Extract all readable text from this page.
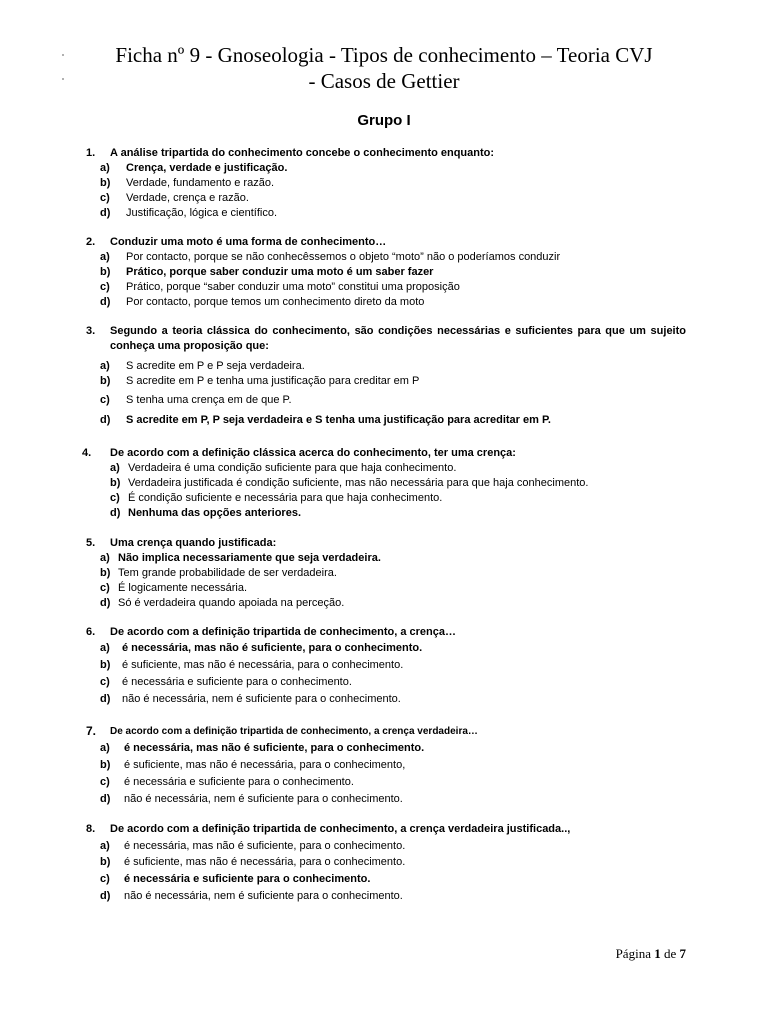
Ficha nº 9 - Gnoseologia - Tipos de conhecimento – Teoria CVJ
- Casos de Gettier
Grupo I
1.	A análise tripartida do conhecimento concebe o conhecimento enquanto:
a)	Crença, verdade e justificação.
b)	Verdade, fundamento e razão.
c)	Verdade, crença e razão.
d)	Justificação, lógica e científico.
2.	Conduzir uma moto é uma forma de conhecimento…
a)	Por contacto, porque se não conhecêssemos o objeto “moto” não o poderíamos conduzir
b)	Prático, porque saber conduzir uma moto é um saber fazer
c)	Prático, porque “saber conduzir uma moto” constitui uma proposição
d)	Por contacto, porque temos um conhecimento direto da moto
3.	Segundo a teoria clássica do conhecimento, são condições necessárias e suficientes para que um sujeito conheça uma proposição que:
a)	S acredite em P e P seja verdadeira.
b)	S acredite em P e tenha uma justificação para creditar em P
c)	S tenha uma crença em de que P.
d)	S acredite em P, P seja verdadeira e S tenha uma justificação para acreditar em P.
4.	De acordo com a definição clássica acerca do conhecimento, ter uma crença:
a) Verdadeira é uma condição suficiente para que haja conhecimento.
b) Verdadeira justificada é condição suficiente, mas não necessária para que haja conhecimento.
c) É condição suficiente e necessária para que haja conhecimento.
d) Nenhuma das opções anteriores.
5.	Uma crença quando justificada:
a) Não implica necessariamente que seja verdadeira.
b) Tem grande probabilidade de ser verdadeira.
c) É logicamente necessária.
d) Só é verdadeira quando apoiada na perceção.
6.	De acordo com a definição tripartida de conhecimento, a crença…
a)	é necessária, mas não é suficiente, para o conhecimento.
b)	é suficiente, mas não é necessária, para o conhecimento.
c)	é necessária e suficiente para o conhecimento.
d)	não é necessária, nem é suficiente para o conhecimento.
7.	De acordo com a definição tripartida de conhecimento, a crença verdadeira…
a)	é necessária, mas não é suficiente, para o conhecimento.
b)	é suficiente, mas não é necessária, para o conhecimento,
c)	é necessária e suficiente para o conhecimento.
d)	não é necessária, nem é suficiente para o conhecimento.
8.	De acordo com a definição tripartida de conhecimento, a crença verdadeira justificada..,
a)	é necessária, mas não é suficiente, para o conhecimento.
b)	é suficiente, mas não é necessária, para o conhecimento.
c)	é necessária e suficiente para o conhecimento.
d)	não é necessária, nem é suficiente para o conhecimento.
Página 1 de 7
